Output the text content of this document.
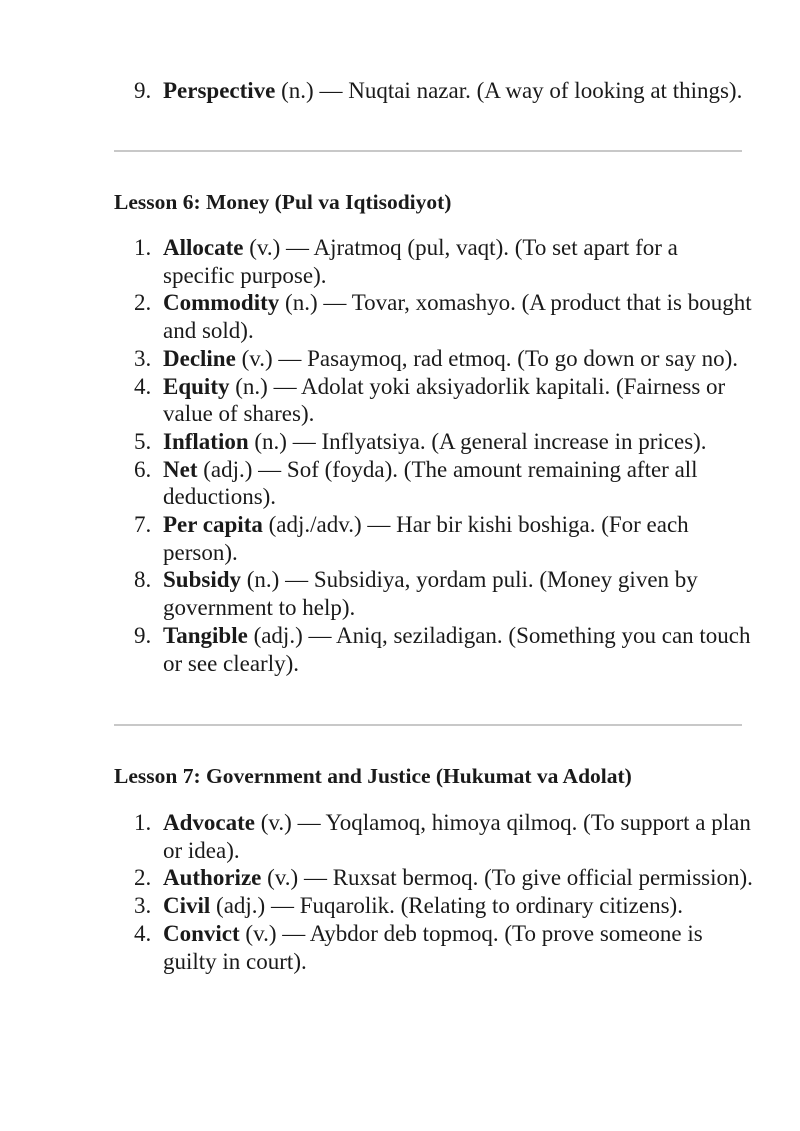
9. Perspective (n.) — Nuqtai nazar. (A way of looking at things).
Lesson 6: Money (Pul va Iqtisodiyot)
1. Allocate (v.) — Ajratmoq (pul, vaqt). (To set apart for a specific purpose).
2. Commodity (n.) — Tovar, xomashyo. (A product that is bought and sold).
3. Decline (v.) — Pasaymoq, rad etmoq. (To go down or say no).
4. Equity (n.) — Adolat yoki aksiyadorlik kapitali. (Fairness or value of shares).
5. Inflation (n.) — Inflyatsiya. (A general increase in prices).
6. Net (adj.) — Sof (foyda). (The amount remaining after all deductions).
7. Per capita (adj./adv.) — Har bir kishi boshiga. (For each person).
8. Subsidy (n.) — Subsidiya, yordam puli. (Money given by government to help).
9. Tangible (adj.) — Aniq, seziladigan. (Something you can touch or see clearly).
Lesson 7: Government and Justice (Hukumat va Adolat)
1. Advocate (v.) — Yoqlamoq, himoya qilmoq. (To support a plan or idea).
2. Authorize (v.) — Ruxsat bermoq. (To give official permission).
3. Civil (adj.) — Fuqarolik. (Relating to ordinary citizens).
4. Convict (v.) — Aybdor deb topmoq. (To prove someone is guilty in court).
